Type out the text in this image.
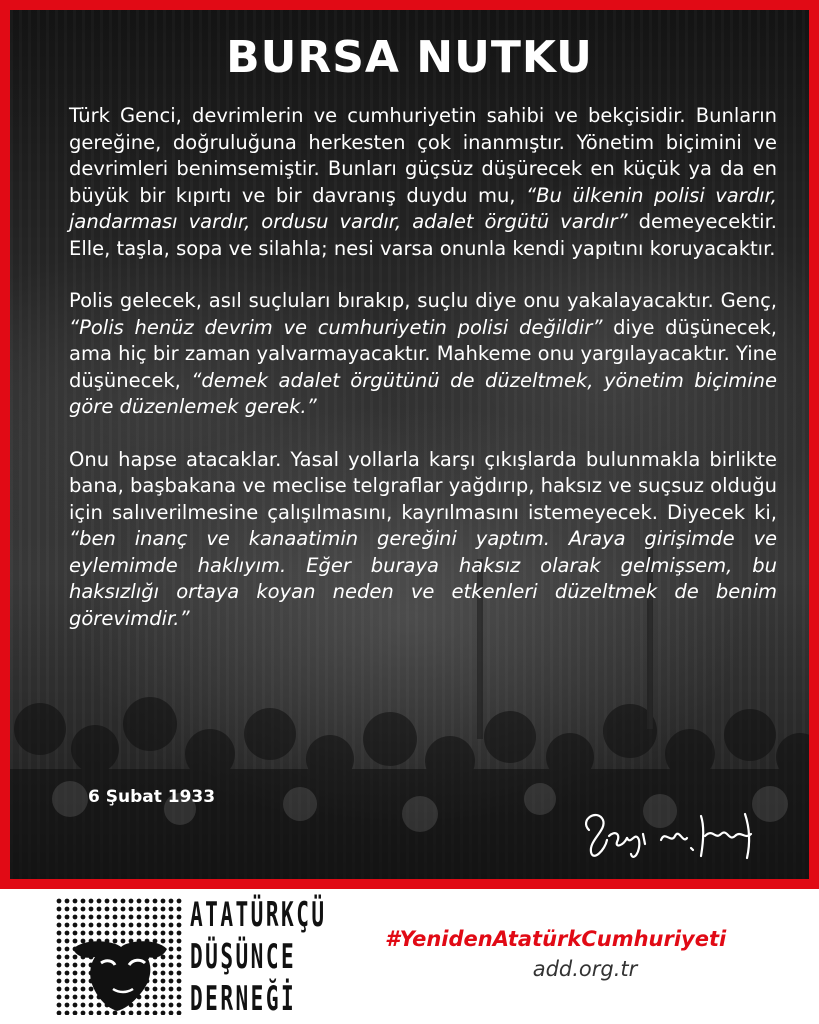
BURSA NUTKU

Türk Genci, devrimlerin ve cumhuriyetin sahibi ve bekçisidir. Bunların gereğine, doğruluğuna herkesten çok inanmıştır. Yönetim biçimini ve devrimleri benimsemiştir. Bunları güçsüz düşürecek en küçük ya da en büyük bir kıpırtı ve bir davranış duydu mu, “Bu ülkenin polisi vardır, jandarması vardır, ordusu vardır, adalet örgütü vardır” demeyecektir. Elle, taşla, sopa ve silahla; nesi varsa onunla kendi yapıtını koruyacaktır.

Polis gelecek, asıl suçluları bırakıp, suçlu diye onu yakalayacaktır. Genç, “Polis henüz devrim ve cumhuriyetin polisi değildir” diye düşünecek, ama hiç bir zaman yalvarmayacaktır. Mahkeme onu yargılayacaktır. Yine düşünecek, “demek adalet örgütünü de düzeltmek, yönetim biçimine göre düzenlemek gerek.”

Onu hapse atacaklar. Yasal yollarla karşı çıkışlarda bulunmakla birlikte bana, başbakana ve meclise telgraflar yağdırıp, haksız ve suçsuz olduğu için salıverilmesine çalışılmasını, kayrılmasını istemeyecek. Diyecek ki, “ben inanç ve kanaatimin gereğini yaptım. Araya girişimde ve eylemimde haklıyım. Eğer buraya haksız olarak gelmişsem, bu haksızlığı ortaya koyan neden ve etkenleri düzeltmek de benim görevimdir.”

6 Şubat 1933
ATATÜRKÇÜ
DÜŞÜNCE
DERNEĞİ
#YenidenAtatürkCumhuriyeti
add.org.tr
